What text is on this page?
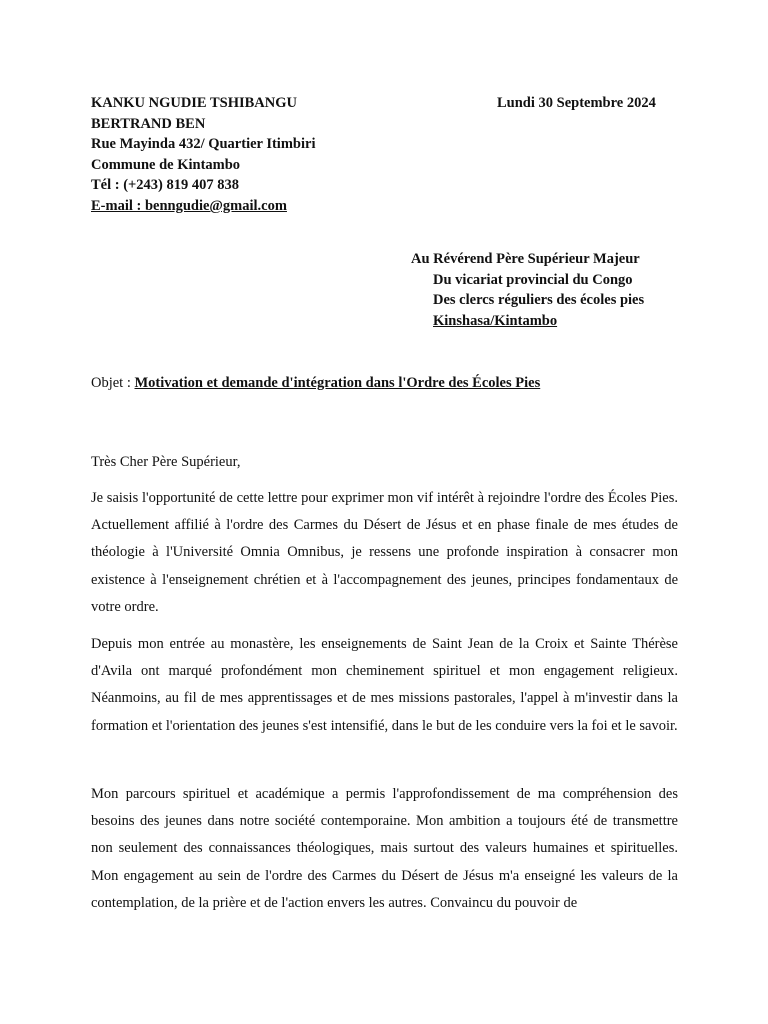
KANKU NGUDIE TSHIBANGU
BERTRAND BEN
Rue Mayinda 432/ Quartier Itimbiri
Commune de Kintambo
Tél : (+243) 819 407 838
E-mail : benngudie@gmail.com
Lundi 30 Septembre 2024
Au Révérend Père Supérieur Majeur
Du vicariat provincial du Congo
Des clercs réguliers des écoles pies
Kinshasa/Kintambo
Objet : Motivation et demande d'intégration dans l'Ordre des Écoles Pies
Très Cher Père Supérieur,

Je saisis l'opportunité de cette lettre pour exprimer mon vif intérêt à rejoindre l'ordre des Écoles Pies. Actuellement affilié à l'ordre des Carmes du Désert de Jésus et en phase finale de mes études de théologie à l'Université Omnia Omnibus, je ressens une profonde inspiration à consacrer mon existence à l'enseignement chrétien et à l'accompagnement des jeunes, principes fondamentaux de votre ordre.

Depuis mon entrée au monastère, les enseignements de Saint Jean de la Croix et Sainte Thérèse d'Avila ont marqué profondément mon cheminement spirituel et mon engagement religieux. Néanmoins, au fil de mes apprentissages et de mes missions pastorales, l'appel à m'investir dans la formation et l'orientation des jeunes s'est intensifié, dans le but de les conduire vers la foi et le savoir.

Mon parcours spirituel et académique a permis l'approfondissement de ma compréhension des besoins des jeunes dans notre société contemporaine. Mon ambition a toujours été de transmettre non seulement des connaissances théologiques, mais surtout des valeurs humaines et spirituelles. Mon engagement au sein de l'ordre des Carmes du Désert de Jésus m'a enseigné les valeurs de la contemplation, de la prière et de l'action envers les autres. Convaincu du pouvoir de
